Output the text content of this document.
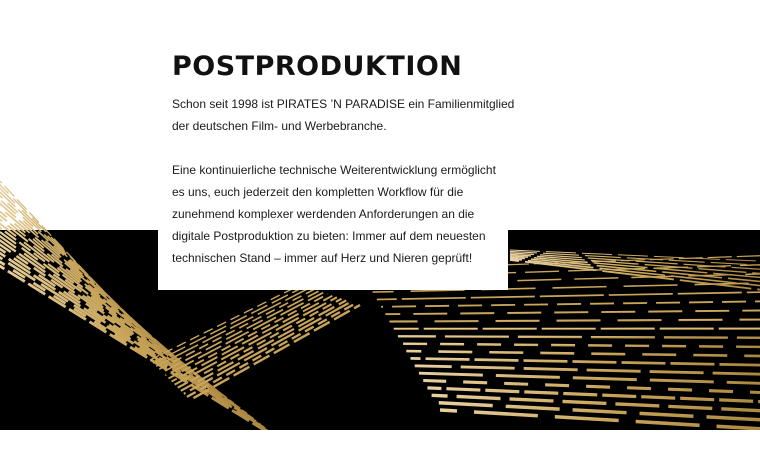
POSTPRODUKTION

Schon seit 1998 ist PIRATES ’N PARADISE ein Familienmitglied
der deutschen Film- und Werbebranche.

Eine kontinuierliche technische Weiterentwicklung ermöglicht
es uns, euch jederzeit den kompletten Workflow für die
zunehmend komplexer werdenden Anforderungen an die
digitale Postproduktion zu bieten: Immer auf dem neuesten
technischen Stand – immer auf Herz und Nieren geprüft!
